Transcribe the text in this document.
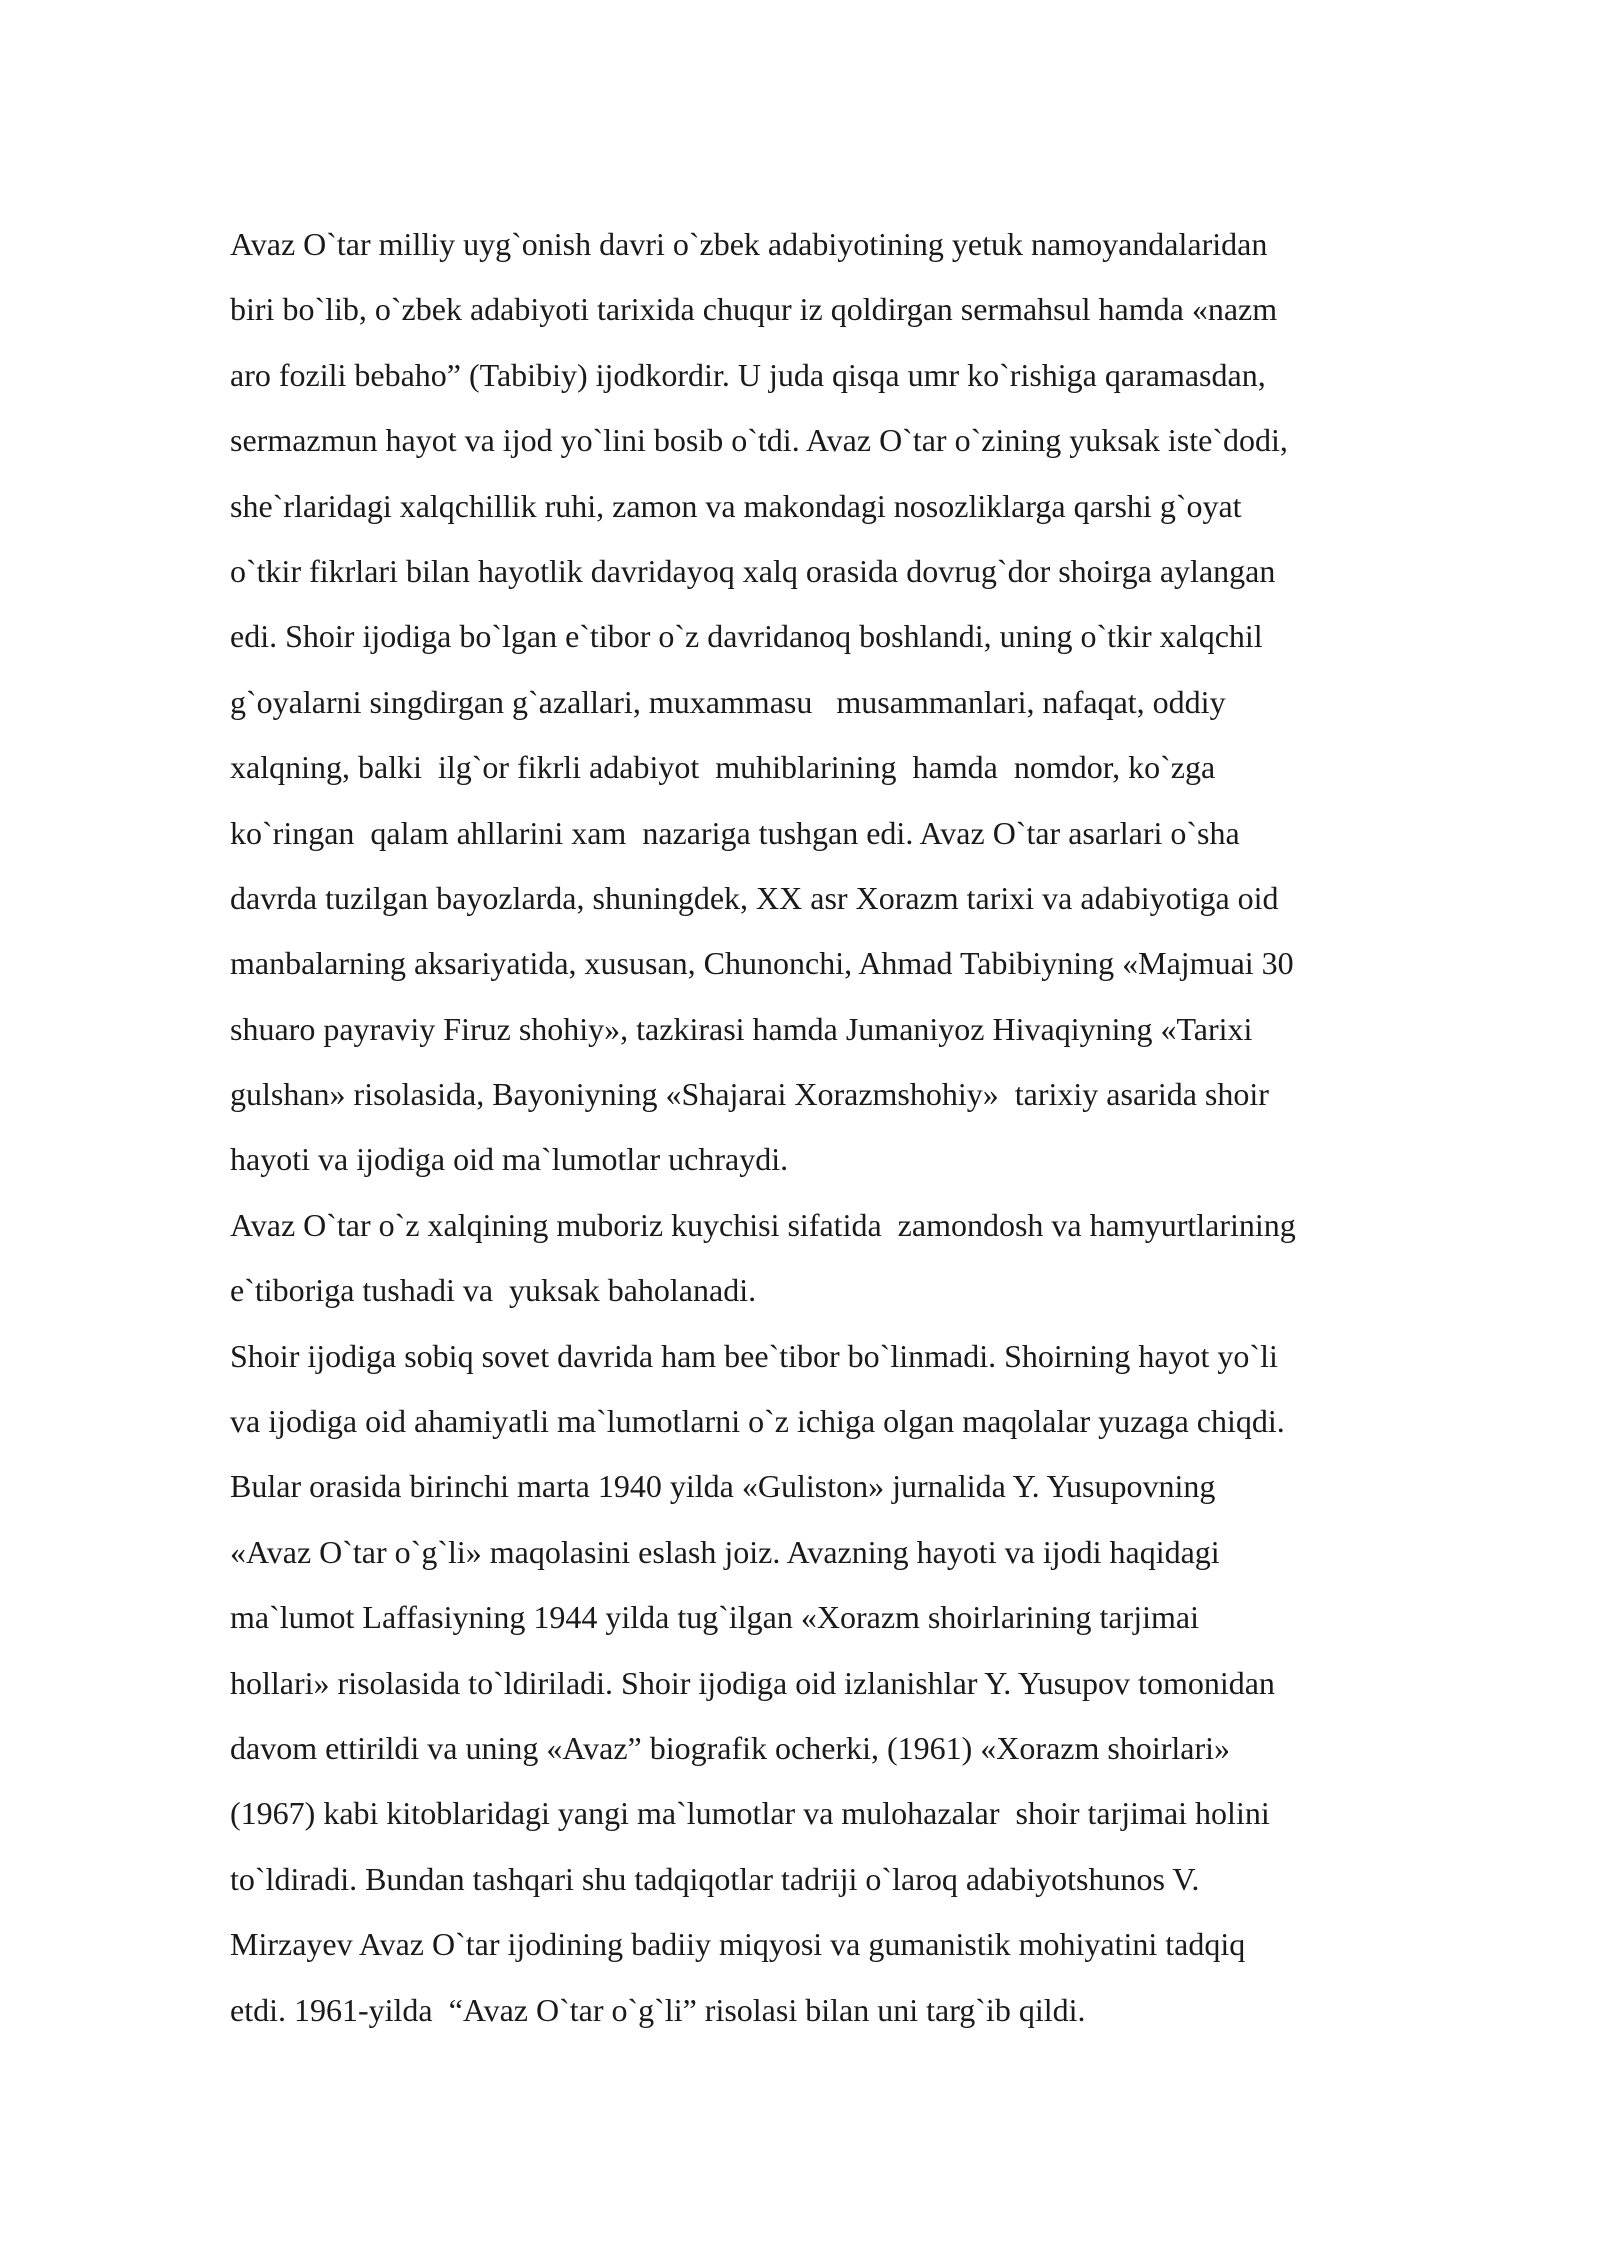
Avaz O`tar milliy uyg`onish davri o`zbek adabiyotining yetuk namoyandalaridan
biri bo`lib, o`zbek adabiyoti tarixida chuqur iz qoldirgan sermahsul hamda «nazm
aro fozili bebaho” (Tabibiy) ijodkordir. U juda qisqa umr ko`rishiga qaramasdan,
sermazmun hayot va ijod yo`lini bosib o`tdi. Avaz O`tar o`zining yuksak iste`dodi,
she`rlaridagi xalqchillik ruhi, zamon va makondagi nosozliklarga qarshi g`oyat
o`tkir fikrlari bilan hayotlik davridayoq xalq orasida dovrug`dor shoirga aylangan
edi. Shoir ijodiga bo`lgan e`tibor o`z davridanoq boshlandi, uning o`tkir xalqchil
g`oyalarni singdirgan g`azallari, muxammasu   musammanlari, nafaqat, oddiy
xalqning, balki  ilg`or fikrli adabiyot  muhiblarining  hamda  nomdor, ko`zga
ko`ringan  qalam ahllarini xam  nazariga tushgan edi. Avaz O`tar asarlari o`sha
davrda tuzilgan bayozlarda, shuningdek, XX asr Xorazm tarixi va adabiyotiga oid
manbalarning aksariyatida, xususan, Chunonchi, Ahmad Tabibiyning «Majmuai 30
shuaro payraviy Firuz shohiy», tazkirasi hamda Jumaniyoz Hivaqiyning «Tarixi
gulshan» risolasida, Bayoniyning «Shajarai Xorazmshohiy»  tarixiy asarida shoir
hayoti va ijodiga oid ma`lumotlar uchraydi.
Avaz O`tar o`z xalqining muboriz kuychisi sifatida  zamondosh va hamyurtlarining
e`tiboriga tushadi va  yuksak baholanadi.
Shoir ijodiga sobiq sovet davrida ham bee`tibor bo`linmadi. Shoirning hayot yo`li
va ijodiga oid ahamiyatli ma`lumotlarni o`z ichiga olgan maqolalar yuzaga chiqdi.
Bular orasida birinchi marta 1940 yilda «Guliston» jurnalida Y. Yusupovning
«Avaz O`tar o`g`li» maqolasini eslash joiz. Avazning hayoti va ijodi haqidagi
ma`lumot Laffasiyning 1944 yilda tug`ilgan «Xorazm shoirlarining tarjimai
hollari» risolasida to`ldiriladi. Shoir ijodiga oid izlanishlar Y. Yusupov tomonidan
davom ettirildi va uning «Avaz” biografik ocherki, (1961) «Xorazm shoirlari»
(1967) kabi kitoblaridagi yangi ma`lumotlar va mulohazalar  shoir tarjimai holini
to`ldiradi. Bundan tashqari shu tadqiqotlar tadriji o`laroq adabiyotshunos V.
Mirzayev Avaz O`tar ijodining badiiy miqyosi va gumanistik mohiyatini tadqiq
etdi. 1961-yilda  “Avaz O`tar o`g`li” risolasi bilan uni targ`ib qildi.
